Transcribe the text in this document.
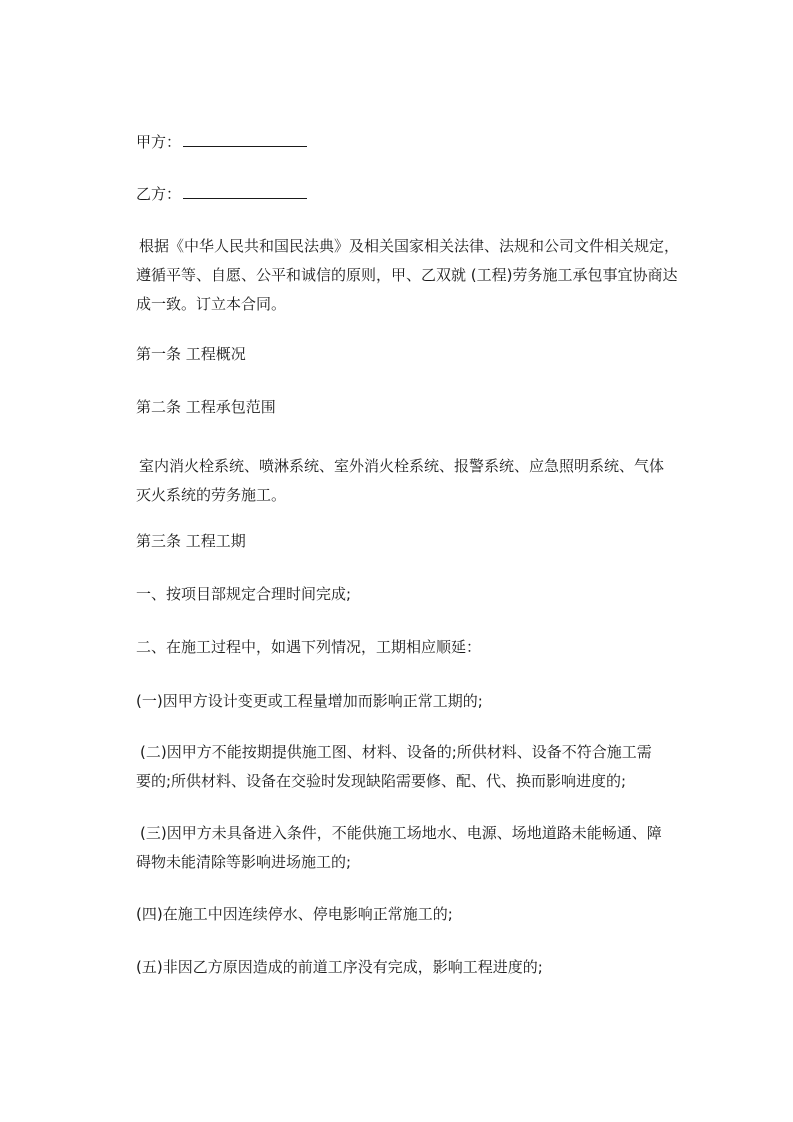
甲方：
乙方：
根据《中华人民共和国民法典》及相关国家相关法律、法规和公司文件相关规定，
遵循平等、自愿、公平和诚信的原则，甲、乙双就 (工程)劳务施工承包事宜协商达
成一致。订立本合同。
第一条 工程概况
第二条 工程承包范围
室内消火栓系统、喷淋系统、室外消火栓系统、报警系统、应急照明系统、气体
灭火系统的劳务施工。
第三条 工程工期
一、按项目部规定合理时间完成;
二、在施工过程中，如遇下列情况，工期相应顺延：
(一)因甲方设计变更或工程量增加而影响正常工期的;
(二)因甲方不能按期提供施工图、材料、设备的;所供材料、设备不符合施工需
要的;所供材料、设备在交验时发现缺陷需要修、配、代、换而影响进度的;
(三)因甲方未具备进入条件，不能供施工场地水、电源、场地道路未能畅通、障
碍物未能清除等影响进场施工的;
(四)在施工中因连续停水、停电影响正常施工的;
(五)非因乙方原因造成的前道工序没有完成，影响工程进度的;
